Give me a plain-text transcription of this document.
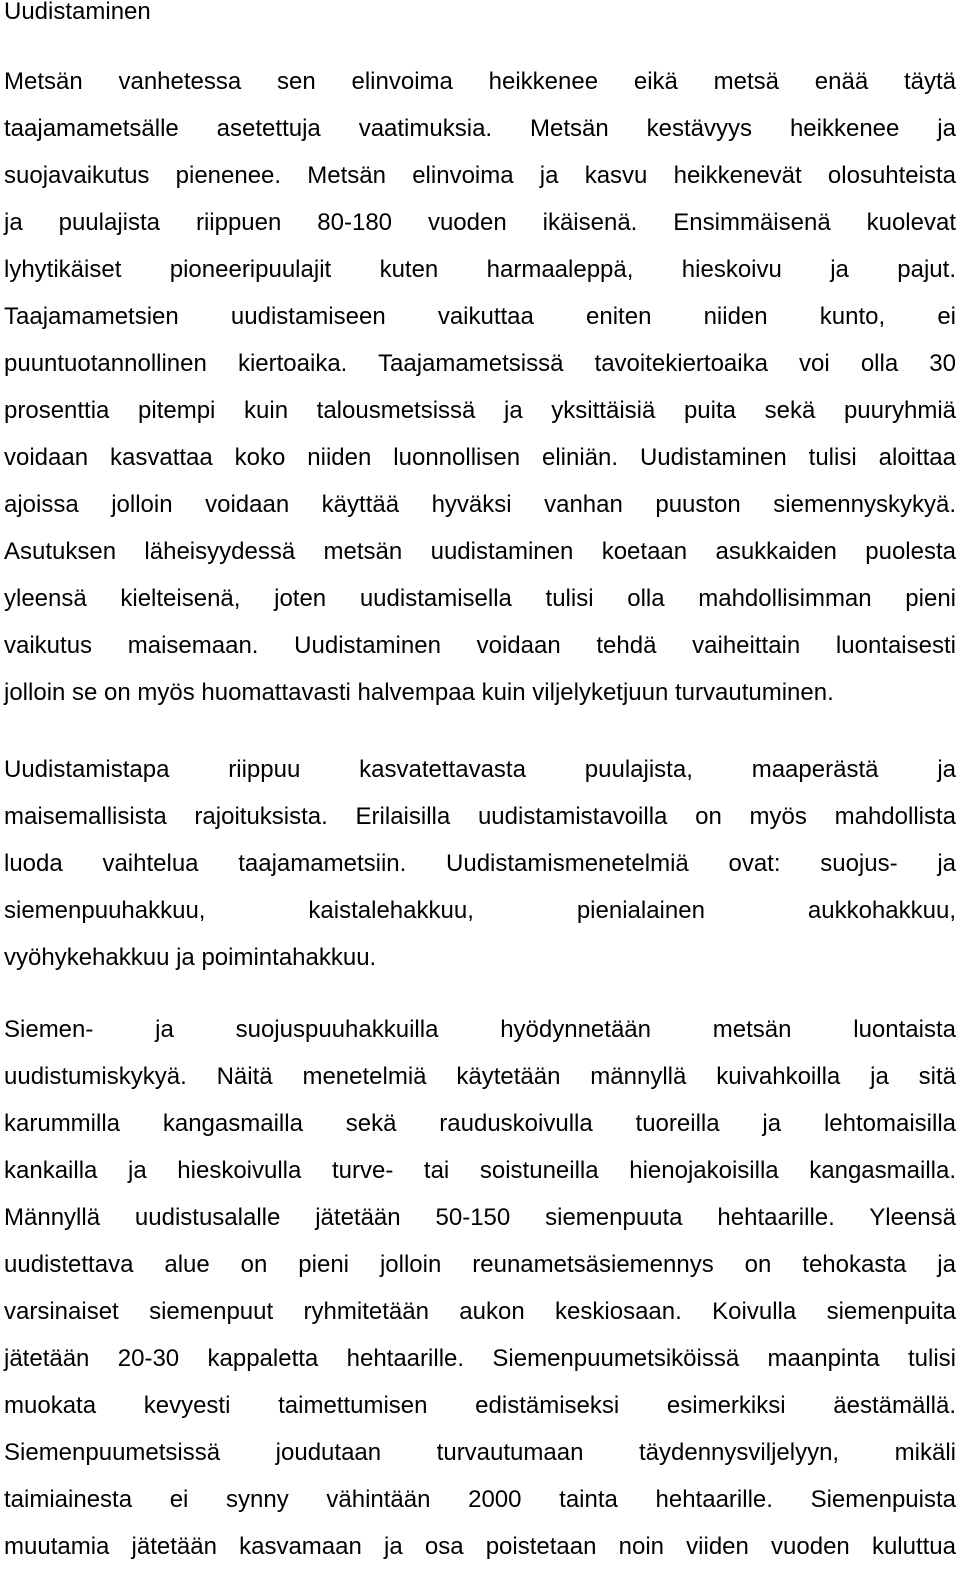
Uudistaminen
Metsän vanhetessa sen elinvoima heikkenee eikä metsä enää täytä
taajamametsälle asetettuja vaatimuksia. Metsän kestävyys heikkenee ja
suojavaikutus pienenee. Metsän elinvoima ja kasvu heikkenevät olosuhteista
ja puulajista riippuen 80-180 vuoden ikäisenä. Ensimmäisenä kuolevat
lyhytikäiset pioneeripuulajit kuten harmaaleppä, hieskoivu ja pajut.
Taajamametsien uudistamiseen vaikuttaa eniten niiden kunto, ei
puuntuotannollinen kiertoaika. Taajamametsissä tavoitekiertoaika voi olla 30
prosenttia pitempi kuin talousmetsissä ja yksittäisiä puita sekä puuryhmiä
voidaan kasvattaa koko niiden luonnollisen eliniän. Uudistaminen tulisi aloittaa
ajoissa jolloin voidaan käyttää hyväksi vanhan puuston siemennyskykyä.
Asutuksen läheisyydessä metsän uudistaminen koetaan asukkaiden puolesta
yleensä kielteisenä, joten uudistamisella tulisi olla mahdollisimman pieni
vaikutus maisemaan. Uudistaminen voidaan tehdä vaiheittain luontaisesti
jolloin se on myös huomattavasti halvempaa kuin viljelyketjuun turvautuminen.
Uudistamistapa riippuu kasvatettavasta puulajista, maaperästä ja
maisemallisista rajoituksista. Erilaisilla uudistamistavoilla on myös mahdollista
luoda vaihtelua taajamametsiin. Uudistamismenetelmiä ovat: suojus- ja
siemenpuuhakkuu, kaistalehakkuu, pienialainen aukkohakkuu,
vyöhykehakkuu ja poimintahakkuu.
Siemen- ja suojuspuuhakkuilla hyödynnetään metsän luontaista
uudistumiskykyä. Näitä menetelmiä käytetään männyllä kuivahkoilla ja sitä
karummilla kangasmailla sekä rauduskoivulla tuoreilla ja lehtomaisilla
kankailla ja hieskoivulla turve- tai soistuneilla hienojakoisilla kangasmailla.
Männyllä uudistusalalle jätetään 50-150 siemenpuuta hehtaarille. Yleensä
uudistettava alue on pieni jolloin reunametsäsiemennys on tehokasta ja
varsinaiset siemenpuut ryhmitetään aukon keskiosaan. Koivulla siemenpuita
jätetään 20-30 kappaletta hehtaarille. Siemenpuumetsiköissä maanpinta tulisi
muokata kevyesti taimettumisen edistämiseksi esimerkiksi äestämällä.
Siemenpuumetsissä joudutaan turvautumaan täydennysviljelyyn, mikäli
taimiainesta ei synny vähintään 2000 tainta hehtaarille. Siemenpuista
muutamia jätetään kasvamaan ja osa poistetaan noin viiden vuoden kuluttua
